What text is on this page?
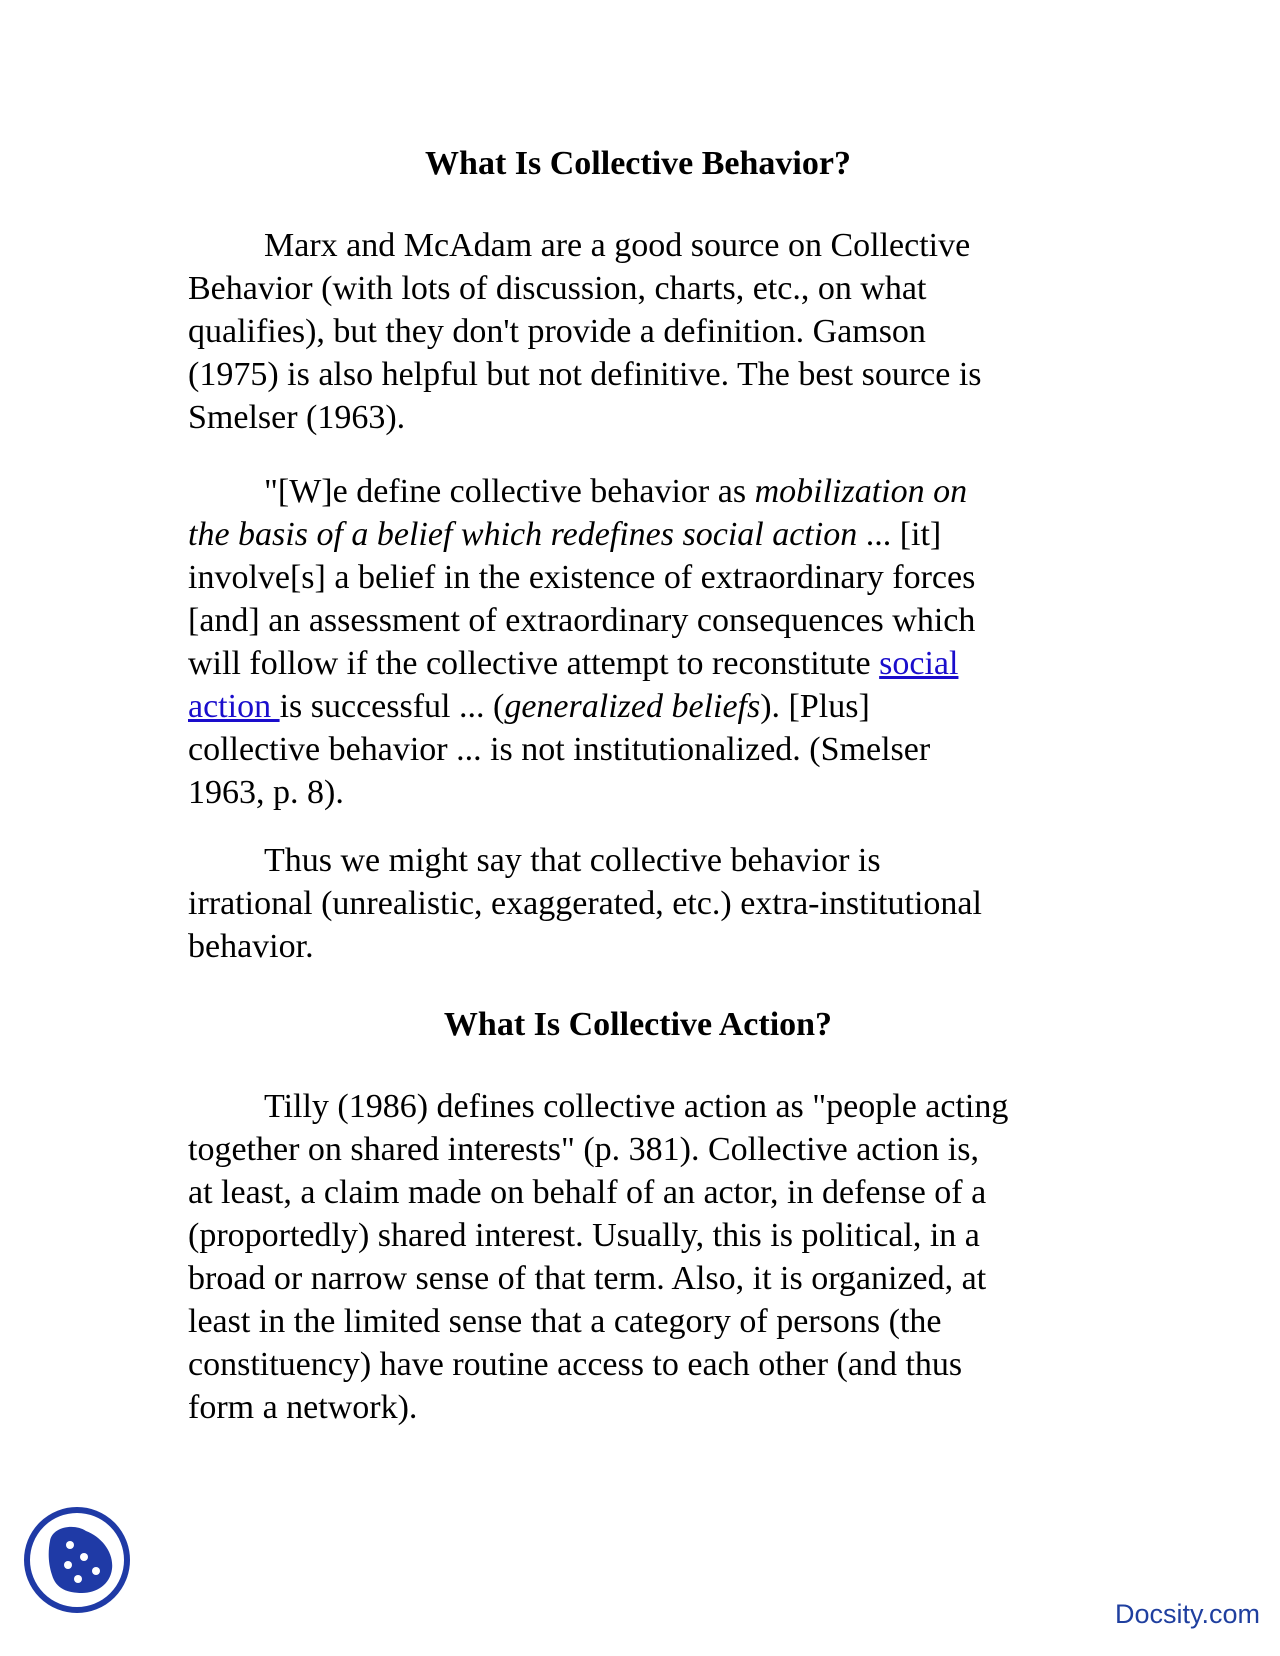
What Is Collective Behavior?
Marx and McAdam are a good source on Collective
Behavior (with lots of discussion, charts, etc., on what
qualifies), but they don't provide a definition. Gamson
(1975) is also helpful but not definitive. The best source is
Smelser (1963).
"[W]e define collective behavior as mobilization on
the basis of a belief which redefines social action ... [it]
involve[s] a belief in the existence of extraordinary forces
[and] an assessment of extraordinary consequences which
will follow if the collective attempt to reconstitute social
action is successful ... (generalized beliefs). [Plus]
collective behavior ... is not institutionalized. (Smelser
1963, p. 8).
Thus we might say that collective behavior is
irrational (unrealistic, exaggerated, etc.) extra-institutional
behavior.
What Is Collective Action?
Tilly (1986) defines collective action as "people acting
together on shared interests" (p. 381). Collective action is,
at least, a claim made on behalf of an actor, in defense of a
(proportedly) shared interest. Usually, this is political, in a
broad or narrow sense of that term. Also, it is organized, at
least in the limited sense that a category of persons (the
constituency) have routine access to each other (and thus
form a network).
Docsity.com
